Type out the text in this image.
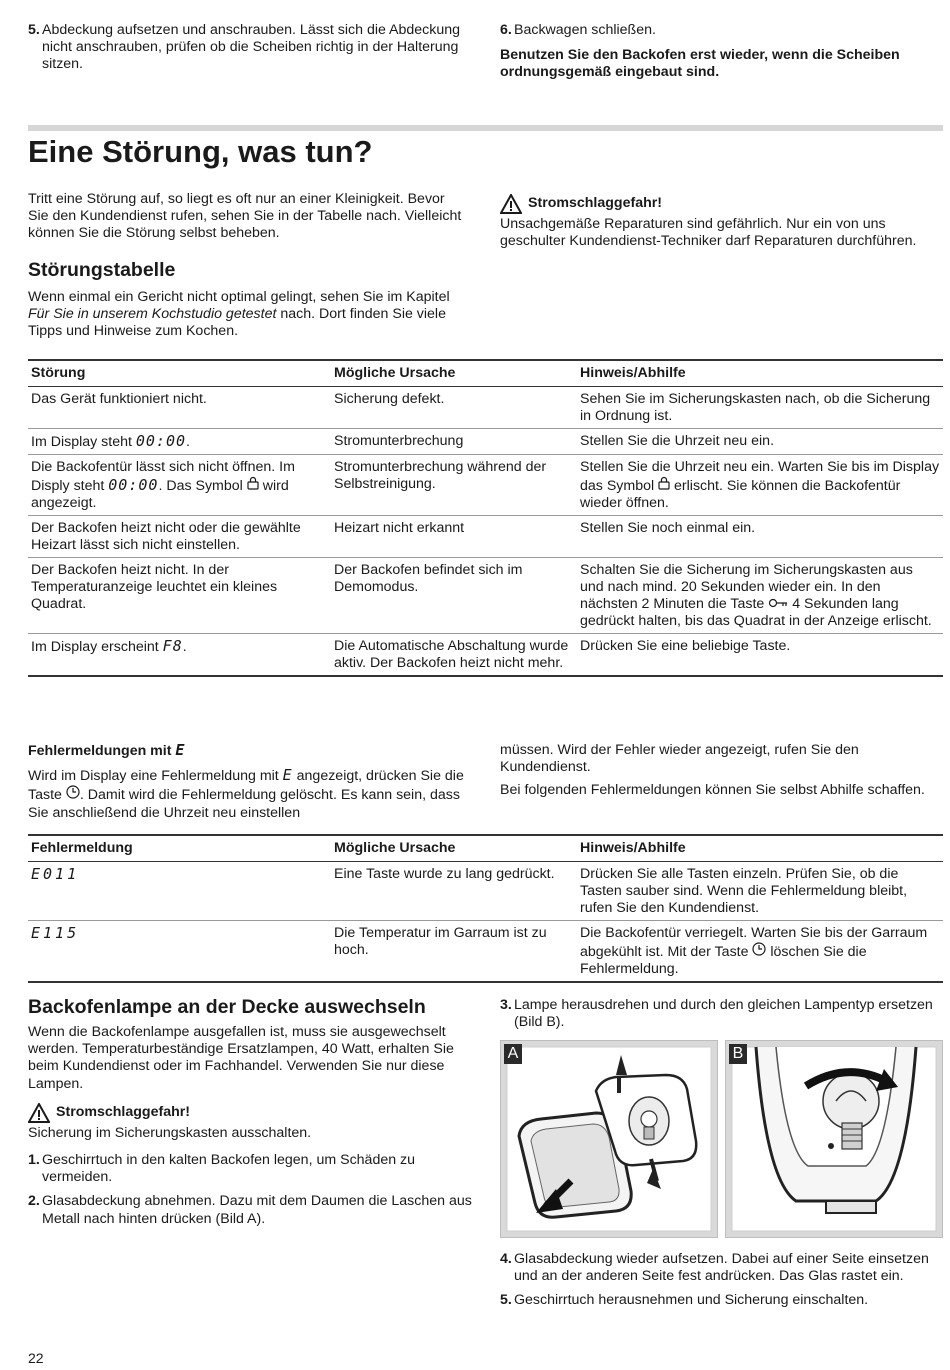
5. Abdeckung aufsetzen und anschrauben. Lässt sich die Abdeckung nicht anschrauben, prüfen ob die Scheiben richtig in der Halterung sitzen.
6. Backwagen schließen.

Benutzen Sie den Backofen erst wieder, wenn die Scheiben ordnungsgemäß eingebaut sind.

Eine Störung, was tun?

Tritt eine Störung auf, so liegt es oft nur an einer Kleinigkeit. Bevor Sie den Kundendienst rufen, sehen Sie in der Tabelle nach. Vielleicht können Sie die Störung selbst beheben.

Störungstabelle

Wenn einmal ein Gericht nicht optimal gelingt, sehen Sie im Kapitel Für Sie in unserem Kochstudio getestet nach. Dort finden Sie viele Tipps und Hinweise zum Kochen.

Stromschlaggefahr!

Unsachgemäße Reparaturen sind gefährlich. Nur ein von uns geschulter Kundendienst-Techniker darf Reparaturen durchführen.

Störung	Mögliche Ursache	Hinweis/Abhilfe
Das Gerät funktioniert nicht.	Sicherung defekt.	Sehen Sie im Sicherungskasten nach, ob die Sicherung in Ordnung ist.
Im Display steht 00:00.	Stromunterbrechung	Stellen Sie die Uhrzeit neu ein.
Die Backofentür lässt sich nicht öffnen. Im Disply steht 00:00. Das Symbol  wird angezeigt.	Stromunterbrechung während der Selbstreinigung.	Stellen Sie die Uhrzeit neu ein. Warten Sie bis im Display das Symbol  erlischt. Sie können die Backofentür wieder öffnen.
Der Backofen heizt nicht oder die gewählte Heizart lässt sich nicht einstellen.	Heizart nicht erkannt	Stellen Sie noch einmal ein.
Der Backofen heizt nicht. In der Temperaturanzeige leuchtet ein kleines Quadrat.	Der Backofen befindet sich im Demomodus.	Schalten Sie die Sicherung im Sicherungskasten aus und nach mind. 20 Sekunden wieder ein. In den nächsten 2 Minuten die Taste  4 Sekunden lang gedrückt halten, bis das Quadrat in der Anzeige erlischt.
Im Display erscheint F8.	Die Automatische Abschaltung wurde aktiv. Der Backofen heizt nicht mehr.	Drücken Sie eine beliebige Taste.

Fehlermeldungen mit E

Wird im Display eine Fehlermeldung mit E angezeigt, drücken Sie die Taste . Damit wird die Fehlermeldung gelöscht. Es kann sein, dass Sie anschließend die Uhrzeit neu einstellen

müssen. Wird der Fehler wieder angezeigt, rufen Sie den Kundendienst.

Bei folgenden Fehlermeldungen können Sie selbst Abhilfe schaffen.

Fehlermeldung	Mögliche Ursache	Hinweis/Abhilfe
E011	Eine Taste wurde zu lang gedrückt.	Drücken Sie alle Tasten einzeln. Prüfen Sie, ob die Tasten sauber sind. Wenn die Fehlermeldung bleibt, rufen Sie den Kundendienst.
E115	Die Temperatur im Garraum ist zu hoch.	Die Backofentür verriegelt. Warten Sie bis der Garraum abgekühlt ist. Mit der Taste  löschen Sie die Fehlermeldung.
Backofenlampe an der Decke auswechseln

Wenn die Backofenlampe ausgefallen ist, muss sie ausgewechselt werden. Temperaturbeständige Ersatzlampen, 40 Watt, erhalten Sie beim Kundendienst oder im Fachhandel. Verwenden Sie nur diese Lampen.

Stromschlaggefahr!

Sicherung im Sicherungskasten ausschalten.

1. Geschirrtuch in den kalten Backofen legen, um Schäden zu vermeiden.
2. Glasabdeckung abnehmen. Dazu mit dem Daumen die Laschen aus Metall nach hinten drücken (Bild A).
3. Lampe herausdrehen und durch den gleichen Lampentyp ersetzen (Bild B).
A	B
4. Glasabdeckung wieder aufsetzen. Dabei auf einer Seite einsetzen und an der anderen Seite fest andrücken. Das Glas rastet ein.
5. Geschirrtuch herausnehmen und Sicherung einschalten.
22
